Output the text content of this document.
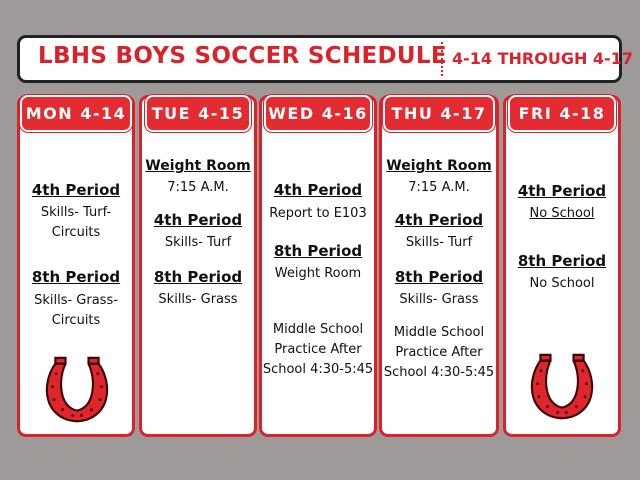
LBHS BOYS SOCCER SCHEDULE 4-14 THROUGH 4-17
MON 4-14
4th Period
Skills- Turf-
Circuits
8th Period
Skills- Grass-
Circuits
TUE 4-15
Weight Room
7:15 A.M.
4th Period
Skills- Turf
8th Period
Skills- Grass
WED 4-16
4th Period
Report to E103
8th Period
Weight Room
Middle School
Practice After
School 4:30-5:45
THU 4-17
Weight Room
7:15 A.M.
4th Period
Skills- Turf
8th Period
Skills- Grass
Middle School
Practice After
School 4:30-5:45
FRI 4-18
4th Period
No School
8th Period
No School
